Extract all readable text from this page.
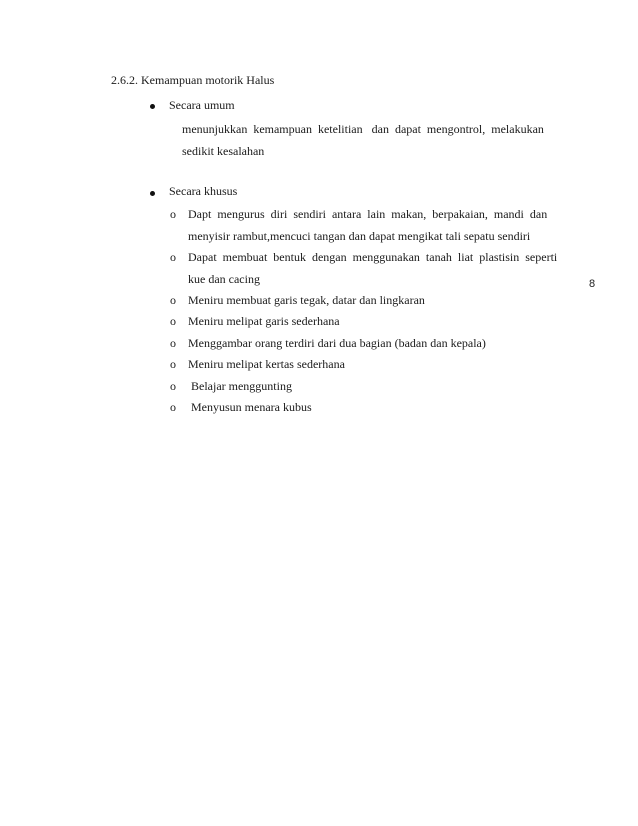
2.6.2. Kemampuan motorik Halus
Secara umum
menunjukkan  kemampuan  ketelitian   dan  dapat  mengontrol,  melakukan
sedikit kesalahan
Secara khusus
o Dapt  mengurus  diri  sendiri  antara  lain  makan,  berpakaian,  mandi  dan
menyisir rambut,mencuci tangan dan dapat mengikat tali sepatu sendiri
o Dapat  membuat  bentuk  dengan  menggunakan  tanah  liat  plastisin  seperti
kue dan cacing
o Meniru membuat garis tegak, datar dan lingkaran
o Meniru melipat garis sederhana
o Menggambar orang terdiri dari dua bagian (badan dan kepala)
o Meniru melipat kertas sederhana
o Belajar menggunting
o Menyusun menara kubus
8
